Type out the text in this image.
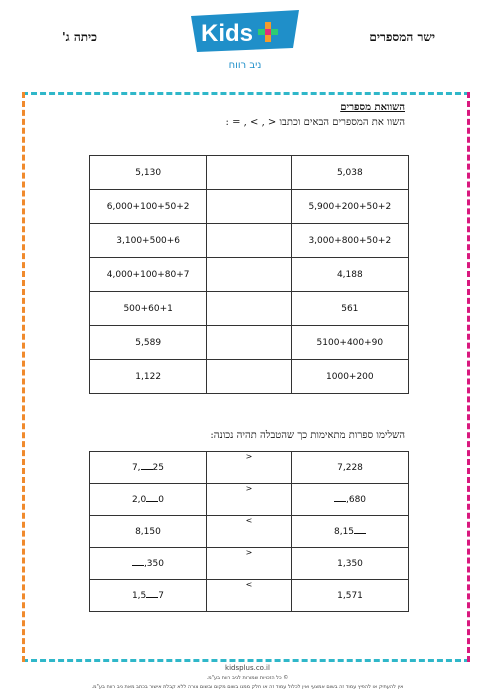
כיתה ג'	ישר המספרים
Kids
ניב רווח
השוואת מספרים
השוו את המספרים הבאים וכתבו < , > , = :
5,130		5,038
6,000+100+50+2		5,900+200+50+2
3,100+500+6		3,000+800+50+2
4,000+100+80+7		4,188
500+60+1		561
5,589		5100+400+90
1,122		1000+200
השלימו ספרות מתאימות כך שהטבלה תהיה נכונה:
7, 25	>	7,228
2,0 0	>	,680
8,150	<	8,15
,350	>	1,350
1,5 7	<	1,571
kidsplus.co.il
© כל הזכויות שמורות לניב רווח בע"מ.
אין להעתיק או להפיץ עמוד זה בשום אמצעי ואין לכלול עמוד זה או חלק ממנו בשום מקום ובשום צורה ללא קבלת אישור בכתב מאת ניב רווח בע"מ.
